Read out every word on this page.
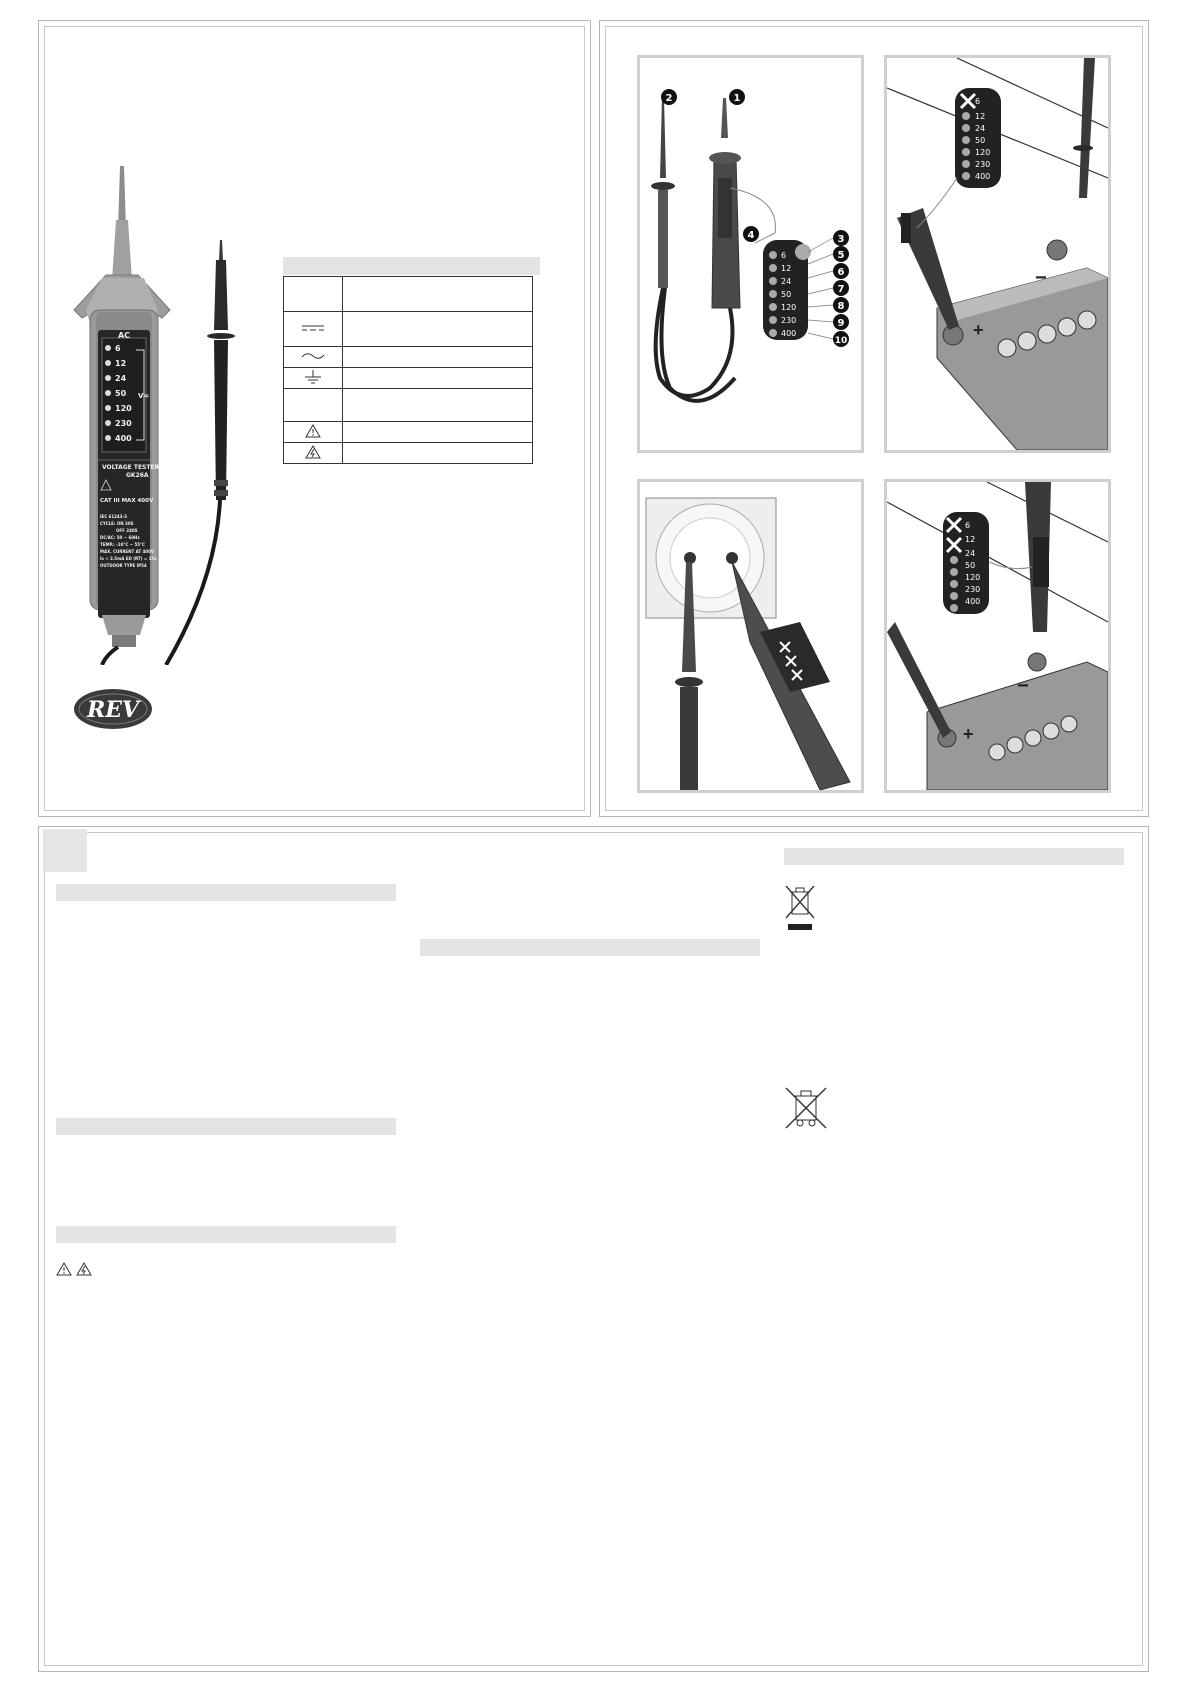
AC
6
12
24
50
120
230
400
V≂
VOLTAGE TESTER
GK26A
CAT III MAX 400V
IEC 61243-3
CYCLE: ON 30S
OFF 240S
DC/AC: 50 ~ 60Hz
TEMP.: -10°C ~ 55°C
MAX. CURRENT AT 400V
Is < 3.5mA ED (RT) = 15s
OUTDOOR TYPE IP54

REV
6
12
24
50
120
230
400
1
2
3
4
5
6
7
8
9
10
+
−
6
12
24
50
120
230
400
+
−
6
12
24
50
120
230
400
